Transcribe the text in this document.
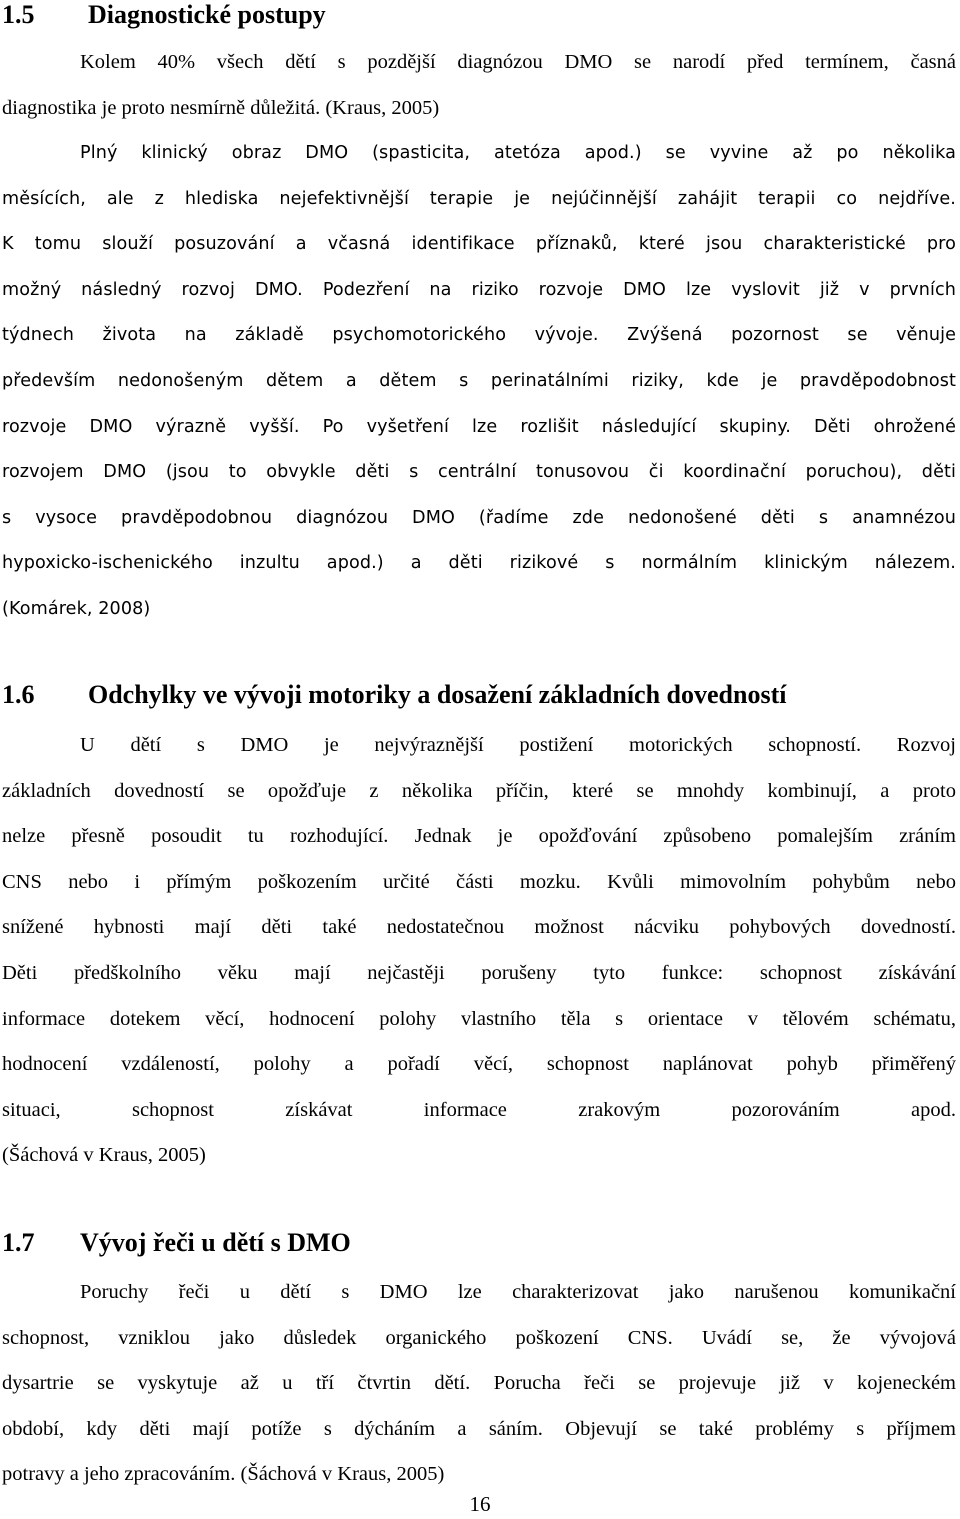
1.5 Diagnostické postupy
Kolem 40% všech dětí s pozdější diagnózou DMO se narodí před termínem, časná
diagnostika je proto nesmírně důležitá. (Kraus, 2005)
Plný klinický obraz DMO (spasticita, atetóza apod.) se vyvine až po několika
měsících, ale z hlediska nejefektivnější terapie je nejúčinnější zahájit terapii co nejdříve.
K tomu slouží posuzování a včasná identifikace příznaků, které jsou charakteristické pro
možný následný rozvoj DMO. Podezření na riziko rozvoje DMO lze vyslovit již v prvních
týdnech života na základě psychomotorického vývoje. Zvýšená pozornost se věnuje
především nedonošeným dětem a dětem s perinatálními riziky, kde je pravděpodobnost
rozvoje DMO výrazně vyšší. Po vyšetření lze rozlišit následující skupiny. Děti ohrožené
rozvojem DMO (jsou to obvykle děti s centrální tonusovou či koordinační poruchou), děti
s vysoce pravděpodobnou diagnózou DMO (řadíme zde nedonošené děti s anamnézou
hypoxicko-ischenického inzultu apod.) a děti rizikové s normálním klinickým nálezem.
(Komárek, 2008)
1.6 Odchylky ve vývoji motoriky a dosažení základních dovedností
U dětí s DMO je nejvýraznější postižení motorických schopností. Rozvoj
základních dovedností se opožďuje z několika příčin, které se mnohdy kombinují, a proto
nelze přesně posoudit tu rozhodující. Jednak je opožďování způsobeno pomalejším zráním
CNS nebo i přímým poškozením určité části mozku. Kvůli mimovolním pohybům nebo
snížené hybnosti mají děti také nedostatečnou možnost nácviku pohybových dovedností.
Děti předškolního věku mají nejčastěji porušeny tyto funkce: schopnost získávání
informace dotekem věcí, hodnocení polohy vlastního těla s orientace v tělovém schématu,
hodnocení vzdáleností, polohy a pořadí věcí, schopnost naplánovat pohyb přiměřený
situaci, schopnost získávat informace zrakovým pozorováním apod.
(Šáchová v Kraus, 2005)
1.7 Vývoj řeči u dětí s DMO
Poruchy řeči u dětí s DMO lze charakterizovat jako narušenou komunikační
schopnost, vzniklou jako důsledek organického poškození CNS. Uvádí se, že vývojová
dysartrie se vyskytuje až u tří čtvrtin dětí. Porucha řeči se projevuje již v kojeneckém
období, kdy děti mají potíže s dýcháním a sáním. Objevují se také problémy s příjmem
potravy a jeho zpracováním. (Šáchová v Kraus, 2005)
16
